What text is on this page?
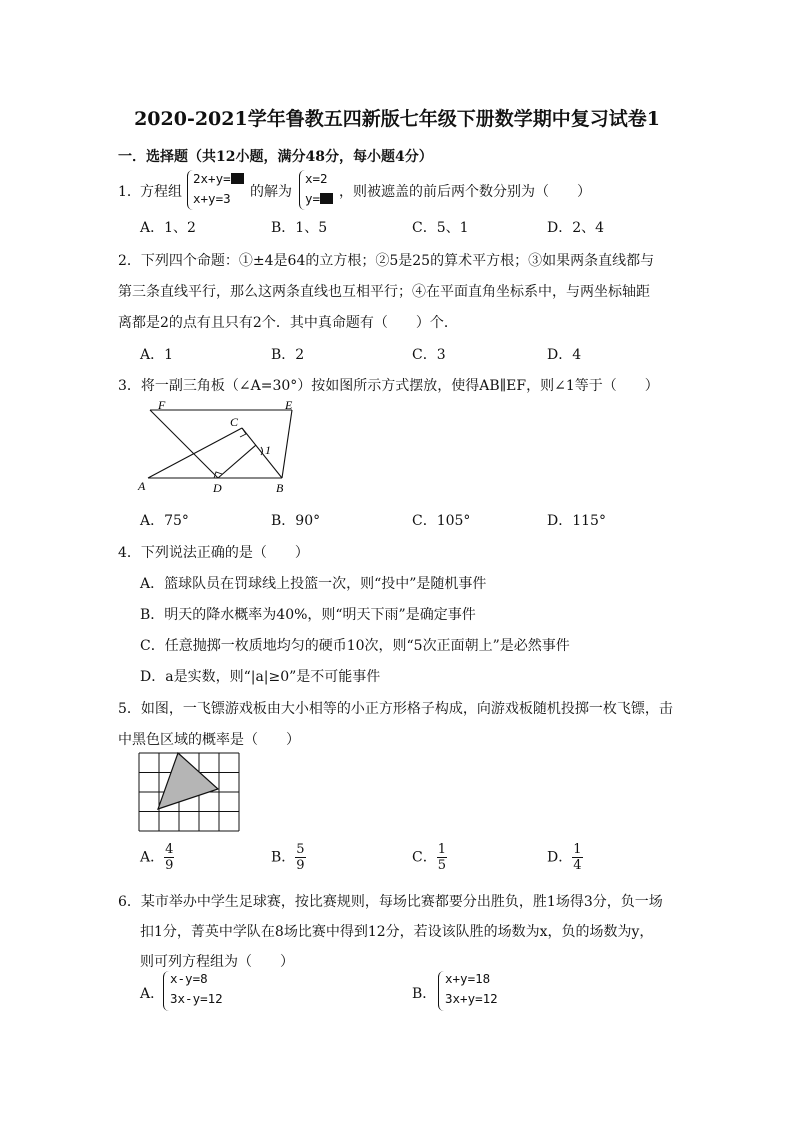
2020-2021学年鲁教五四新版七年级下册数学期中复习试卷1
一．选择题（共12小题，满分48分，每小题4分）
1． 方程组
2x+y=
x+y=3	的解为
x=2
y=	，则被遮盖的前后两个数分别为（　　）
A．1、2	B．1、5	C．5、1	D．2、4
2．下列四个命题：①±4是64的立方根；②5是25的算术平方根；③如果两条直线都与
第三条直线平行，那么这两条直线也互相平行；④在平面直角坐标系中，与两坐标轴距
离都是2的点有且只有2个．其中真命题有（　　）个．
A．1	B．2	C．3	D．4
3．将一副三角板（∠A=30°）按如图所示方式摆放，使得AB∥EF，则∠1等于（　　）
F	E
C
1
A	D	B
A．75°	B．90°	C．105°	D．115°
4．下列说法正确的是（　　）
A．篮球队员在罚球线上投篮一次，则“投中”是随机事件
B．明天的降水概率为40%，则“明天下雨”是确定事件
C．任意抛掷一枚质地均匀的硬币10次，则“5次正面朝上”是必然事件
D．a是实数，则“|a|≥0”是不可能事件
5．如图，一飞镖游戏板由大小相等的小正方形格子构成，向游戏板随机投掷一枚飞镖，击
中黑色区域的概率是（　　）
A． $\frac{4}{9}$	B． $\frac{5}{9}$	C． $\frac{1}{5}$	D． $\frac{1}{4}$
6．某市举办中学生足球赛，按比赛规则，每场比赛都要分出胜负，胜1场得3分，负一场
扣1分，菁英中学队在8场比赛中得到12分，若设该队胜的场数为x，负的场数为y，
则可列方程组为（　　）
A．
x-y=8
3x-y=12	B．
x+y=18
3x+y=12
